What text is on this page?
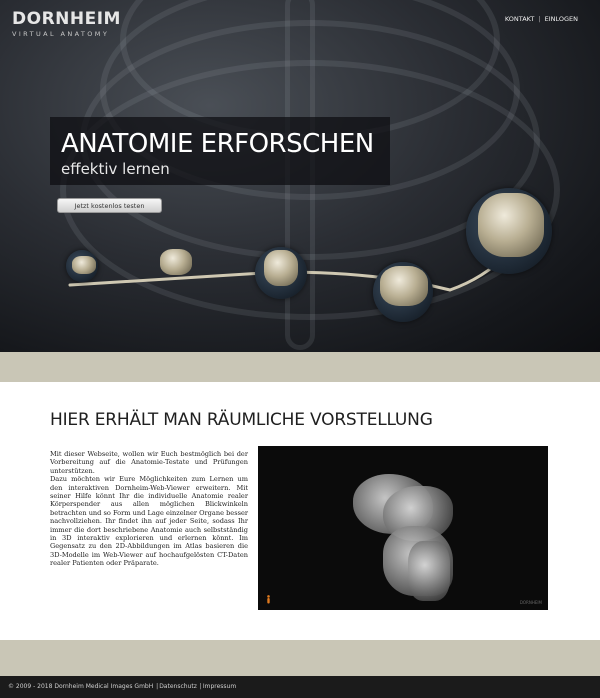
DORNHEIM
VIRTUAL ANATOMY
KONTAKT | EINLOGEN
ANATOMIE ERFORSCHEN
effektiv lernen
Jetzt kostenlos testen
HIER ERHÄLT MAN RÄUMLICHE VORSTELLUNG

Mit dieser Webseite, wollen wir Euch bestmöglich bei der Vorbereitung auf die Anatomie-Testate und Prüfungen unterstützen.

Dazu möchten wir Eure Möglichkeiten zum Lernen um den interaktiven Dornheim-Web-Viewer erweitern. Mit seiner Hilfe könnt Ihr die individuelle Anatomie realer Körperspender aus allen möglichen Blickwinkeln betrachten und so Form und Lage einzelner Organe besser nachvollziehen. Ihr findet ihn auf jeder Seite, sodass Ihr immer die dort beschriebene Anatomie auch selbstständig in 3D interaktiv explorieren und erlernen könnt. Im Gegensatz zu den 2D-Abbildungen im Atlas basieren die 3D-Modelle im Web-Viewer auf hochaufgelösten CT-Daten realer Patienten oder Präparate.

DORNHEIM
© 2009 - 2018 Dornheim Medical Images GmbH |Datenschutz |Impressum
